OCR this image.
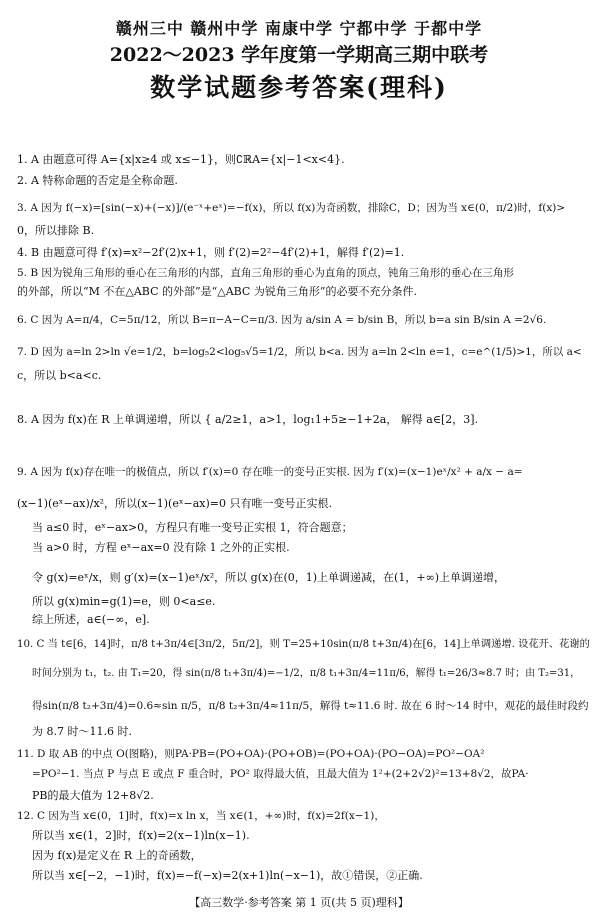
赣州三中 赣州中学 南康中学 宁都中学 于都中学
2022～2023 学年度第一学期高三期中联考
数学试题参考答案(理科)
1. A 由题意可得 A={x|x≥4 或 x≤−1}，则∁ℝA={x|−1<x<4}.
2. A 特称命题的否定是全称命题.
3. A 因为 f(−x)=[sin(−x)+(−x)]/(e⁻ˣ+eˣ)=−f(x)，所以 f(x)为奇函数，排除C，D；因为当 x∈(0，π/2)时，f(x)>
0，所以排除 B.
4. B 由题意可得 f′(x)=x²−2f′(2)x+1，则 f′(2)=2²−4f′(2)+1，解得 f′(2)=1.
5. B 因为锐角三角形的垂心在三角形的内部，直角三角形的垂心为直角的顶点，钝角三角形的垂心在三角形
的外部，所以“M 不在△ABC 的外部”是“△ABC 为锐角三角形”的必要不充分条件.
6. C 因为 A=π/4，C=5π/12，所以 B=π−A−C=π/3. 因为 a/sin A = b/sin B，所以 b=a sin B/sin A =2√6.
7. D 因为 a=ln 2>ln √e=1/2，b=log₅2<log₅√5=1/2，所以 b<a. 因为 a=ln 2<ln e=1，c=e^(1/5)>1，所以 a<
c，所以 b<a<c.
8. A 因为 f(x)在 R 上单调递增，所以 { a/2≥1，a>1，log₁1+5≥−1+2a， 解得 a∈[2，3].
9. A 因为 f(x)存在唯一的极值点，所以 f′(x)=0 存在唯一的变号正实根. 因为 f′(x)=(x−1)eˣ/x² + a/x − a=
(x−1)(eˣ−ax)/x²，所以(x−1)(eˣ−ax)=0 只有唯一变号正实根.
当 a≤0 时，eˣ−ax>0，方程只有唯一变号正实根 1，符合题意；
当 a>0 时，方程 eˣ−ax=0 没有除 1 之外的正实根.
令 g(x)=eˣ/x，则 g′(x)=(x−1)eˣ/x²，所以 g(x)在(0，1)上单调递减，在(1，+∞)上单调递增，
所以 g(x)min=g(1)=e，则 0<a≤e.
综上所述，a∈(−∞，e].
10. C 当 t∈[6，14]时，π/8 t+3π/4∈[3π/2，5π/2]，则 T=25+10sin(π/8 t+3π/4)在[6，14]上单调递增. 设花开、花谢的
时间分别为 t₁，t₂. 由 T₁=20，得 sin(π/8 t₁+3π/4)=−1/2，π/8 t₁+3π/4=11π/6，解得 t₁=26/3≈8.7 时；由 T₂=31，
得sin(π/8 t₂+3π/4)=0.6≈sin π/5，π/8 t₂+3π/4≈11π/5，解得 t≈11.6 时. 故在 6 时～14 时中，观花的最佳时段约
为 8.7 时～11.6 时.
11. D 取 AB 的中点 O(图略)，则PA·PB=(PO+OA)·(PO+OB)=(PO+OA)·(PO−OA)=PO²−OA²
=PO²−1. 当点 P 与点 E 或点 F 重合时，PO² 取得最大值，且最大值为 1²+(2+2√2)²=13+8√2，故PA·
PB的最大值为 12+8√2.
12. C 因为当 x∈(0，1]时，f(x)=x ln x，当 x∈(1，+∞)时，f(x)=2f(x−1)，
所以当 x∈(1，2]时，f(x)=2(x−1)ln(x−1).
因为 f(x)是定义在 R 上的奇函数，
所以当 x∈[−2，−1)时，f(x)=−f(−x)=2(x+1)ln(−x−1)，故①错误，②正确.
【高三数学·参考答案 第 1 页(共 5 页)理科】
